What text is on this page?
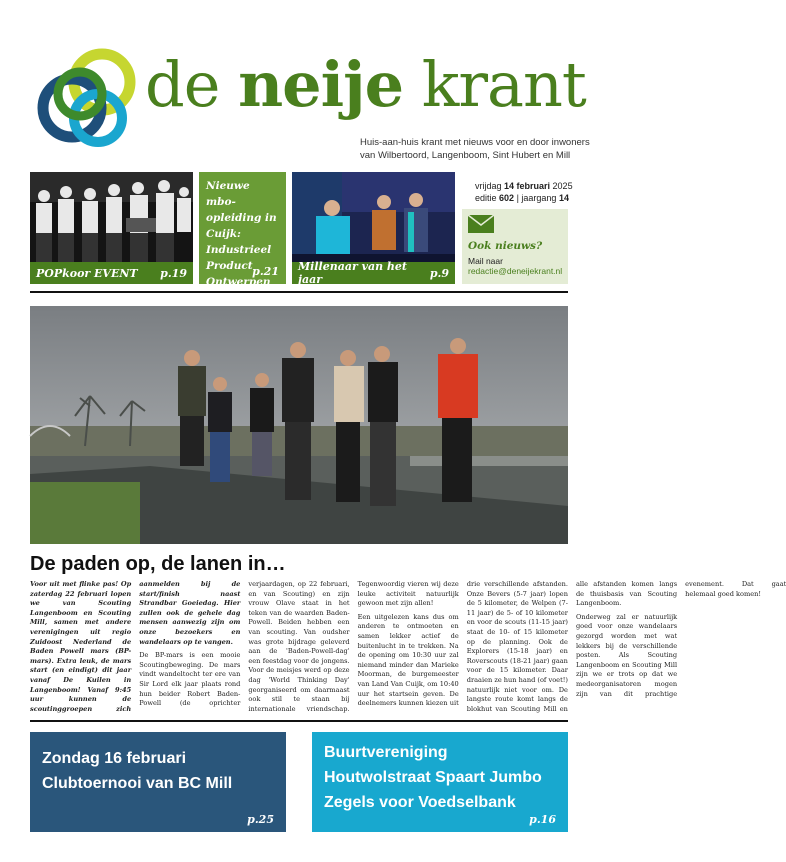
de neije krant
Huis-aan-huis krant met nieuws voor en door inwoners
van Wilbertoord, Langenboom, Sint Hubert en Mill
POPkoor EVENT p.19
Nieuwe mbo-opleiding in Cuijk: Industrieel Product Ontwerpen
p.21 Millenaar van het jaar	p.9
vrijdag 14 februari 2025
editie 602 | jaargang 14
Ook nieuws?
Mail naar
redactie@deneijekrant.nl
De paden op, de lanen in…

Voor uit met flinke pas! Op zaterdag 22 februari lopen we van Scouting Langenboom en Scouting Mill, samen met andere verenigingen uit regio Zuidoost Nederland de Baden Powell mars (BP-mars). Extra leuk, de mars start (en eindigt) dit jaar vanaf De Kuilen in Langenboom! Vanaf 9:45 uur kunnen de scoutinggroepen zich aanmelden bij de start/finish naast Strandbar Goeiedag. Hier zullen ook de gehele dag mensen aanwezig zijn om onze bezoekers en wandelaars op te vangen.

De BP-mars is een mooie Scoutingbeweging. De mars vindt wandeltocht ter ere van Sir Lord elk jaar plaats rond hun beider Robert Baden-Powell (de oprichter verjaardagen, op 22 februari, en van Scouting) en zijn vrouw Olave staat in het teken van de waarden Baden-Powell. Beiden hebben een van scouting. Van oudsher was grote bijdrage geleverd aan de 'Baden-Powell-dag' een feestdag voor de jongens. Voor de meisjes werd op deze dag 'World Thinking Day' georganiseerd om daarmaast ook stil te staan bij internationale vriendschap. Tegenwoordig vieren wij deze leuke activiteit natuurlijk gewoon met zijn allen!

Een uitgelezen kans dus om anderen te ontmoeten en samen lekker actief de buitenlucht in te trekken. Na de opening om 10:30 uur zal niemand minder dan Marieke Moorman, de burgemeester van Land Van Cuijk, om 10:40 uur het startsein geven. De deelnemers kunnen kiezen uit drie verschillende afstanden. Onze Bevers (5-7 jaar) lopen de 5 kilometer, de Welpen (7-11 jaar) de 5- of 10 kilometer en voor de scouts (11-15 jaar) staat de 10- of 15 kilometer op de planning. Ook de Explorers (15-18 jaar) en Roverscouts (18-21 jaar) gaan voor de 15 kilometer. Daar draaien ze hun hand (of voet!) natuurlijk niet voor om. De langste route komt langs de blokhut van Scouting Mill en alle afstanden komen langs de thuisbasis van Scouting Langenboom.

Onderweg zal er natuurlijk goed voor onze wandelaars gezorgd worden met wat lekkers bij de verschillende posten. Als Scouting Langenboom en Scouting Mill zijn we er trots op dat we medeorganisatoren mogen zijn van dit prachtige evenement. Dat gaat helemaal goed komen!

Zondag 16 februari
Clubtoernooi van BC Mill
p.25
Buurtvereniging
Houtwolstraat Spaart Jumbo
Zegels voor Voedselbank
p.16
